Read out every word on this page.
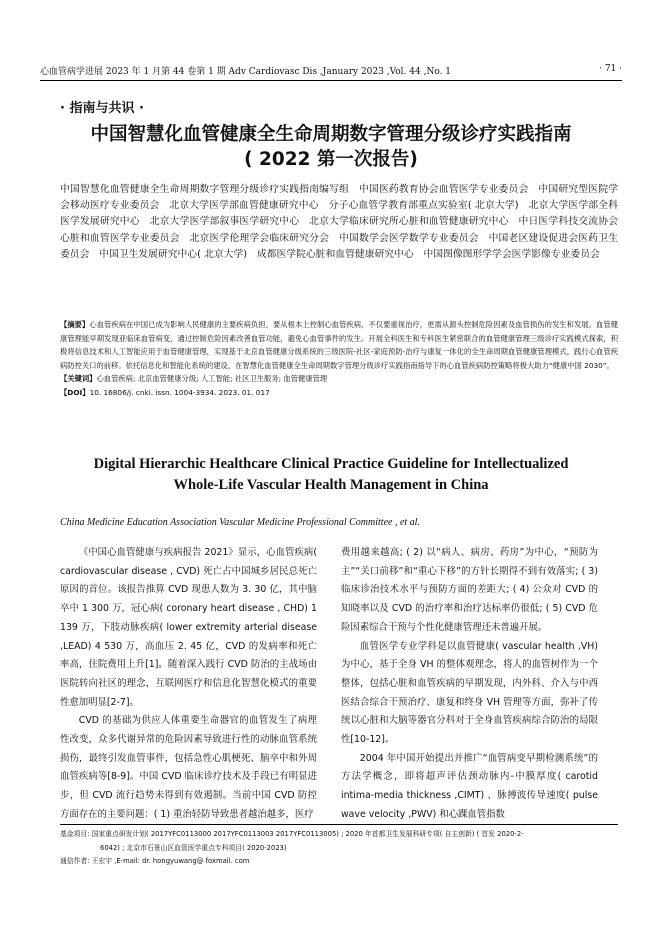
心血管病学进展 2023 年 1 月第 44 卷第 1 期 Adv Cardiovasc Dis ,January 2023 ,Vol. 44 ,No. 1	· 71 ·
· 指南与共识 ·
中国智慧化血管健康全生命周期数字管理分级诊疗实践指南
( 2022 第一次报告)
中国智慧化血管健康全生命周期数字管理分级诊疗实践指南编写组　中国医药教育协会血管医学专业委员会　中国研究型医院学会移动医疗专业委员会　北京大学医学部血管健康研究中心　分子心血管学教育部重点实验室( 北京大学)　北京大学医学部全科医学发展研究中心　北京大学医学部叙事医学研究中心　北京大学临床研究所心脏和血管健康研究中心　中日医学科技交流协会心脏和血管医学专业委员会　北京医学伦理学会临床研究分会　中国数学会医学数学专业委员会　中国老区建设促进会医药卫生委员会　中国卫生发展研究中心( 北京大学)　成都医学院心脏和血管健康研究中心　中国图像图形学学会医学影像专业委员会

【摘要】心血管疾病在中国已成为影响人民健康的主要疾病负担。要从根本上控制心血管疾病，不仅要重视治疗，更需从源头控制危险因素及血管损伤的发生和发展。血管健康管理能早期发现亚临床血管病变，通过控制危险因素改善血管功能，避免心血管事件的发生。开展全科医生和专科医生紧密联合的血管健康管理三级诊疗实践模式探索，积极将信息技术和人工智能应用于血管健康管理，实现基于北京血管健康分级系统的三级医院-社区-家庭预防-治疗与康复一体化的全生命周期血管健康管理模式，践行心血管疾病防控关口的前移。依托信息化和智能化系统的建设，在智慧化血管健康全生命周期数字管理分级诊疗实践指南指导下的心血管疾病防控策略将极大助力“健康中国 2030”。

【关键词】心血管疾病; 北京血管健康分级; 人工智能; 社区卫生服务; 血管健康管理

【DOI】10. 16806/j. cnki. issn. 1004-3934. 2023. 01. 017

Digital Hierarchic Healthcare Clinical Practice Guideline for Intellectualized
Whole-Life Vascular Health Management in China
China Medicine Education Association Vascular Medicine Professional Committee , et al.

《中国心血管健康与疾病报告 2021》显示，心血管疾病( cardiovascular disease , CVD) 死亡占中国城乡居民总死亡原因的首位。该报告推算 CVD 现患人数为 3. 30 亿，其中脑卒中 1 300 万，冠心病( coronary heart disease , CHD) 1 139 万，下肢动脉疾病( lower extremity arterial disease ,LEAD) 4 530 万，高血压 2. 45 亿，CVD 的发病率和死亡率高，住院费用上升[1]。随着深入践行 CVD 防治的主战场由医院转向社区的理念，互联网医疗和信息化智慧化模式的重要性愈加明显[2-7]。

CVD 的基础为供应人体重要生命器官的血管发生了病理性改变，众多代谢异常的危险因素导致进行性的动脉血管系统损伤，最终引发血管事件，包括急性心肌梗死、脑卒中和外周血管疾病等[8-9]。中国 CVD 临床诊疗技术及手段已有明显进步，但 CVD 流行趋势未得到有效遏制。当前中国 CVD 防控方面存在的主要问题：( 1) 重治轻防导致患者越治越多，医疗

费用越来越高; ( 2) 以“病人、病房、药房”为中心，“预防为主”“关口前移”和“重心下移”的方针长期得不到有效落实; ( 3) 临床诊治技术水平与预防方面的差距大; ( 4) 公众对 CVD 的知晓率以及 CVD 的治疗率和治疗达标率仍很低; ( 5) CVD 危险因素综合干预与个性化健康管理还未普遍开展。

血管医学专业学科是以血管健康( vascular health ,VH) 为中心，基于全身 VH 的整体观理念，将人的血管树作为一个整体，包括心脏和血管疾病的早期发现，内外科、介入与中西医结合综合干预治疗、康复和终身 VH 管理等方面，弥补了传统以心脏和大脑等器官分科对于全身血管疾病综合防治的局限性[10-12]。

2004 年中国开始提出并推广“血管病变早期检测系统”的方法学概念，即将超声评估颈动脉内-中膜厚度( carotid intima-media thickness ,CIMT) 、脉搏波传导速度( pulse wave velocity ,PWV) 和心踝血管指数

基金项目: 国家重点研发计划( 2017YFC0113000 2017YFC0113003 2017YFC0113005) ; 2020 年首都卫生发展科研专项( 自主创新) ( 首发 2020-2-

6042) ; 北京市石景山区血管医学重点专科项目( 2020-2023)

通信作者: 王宏宇 ,E-mail: dr. hongyuwang@ foxmail. com
